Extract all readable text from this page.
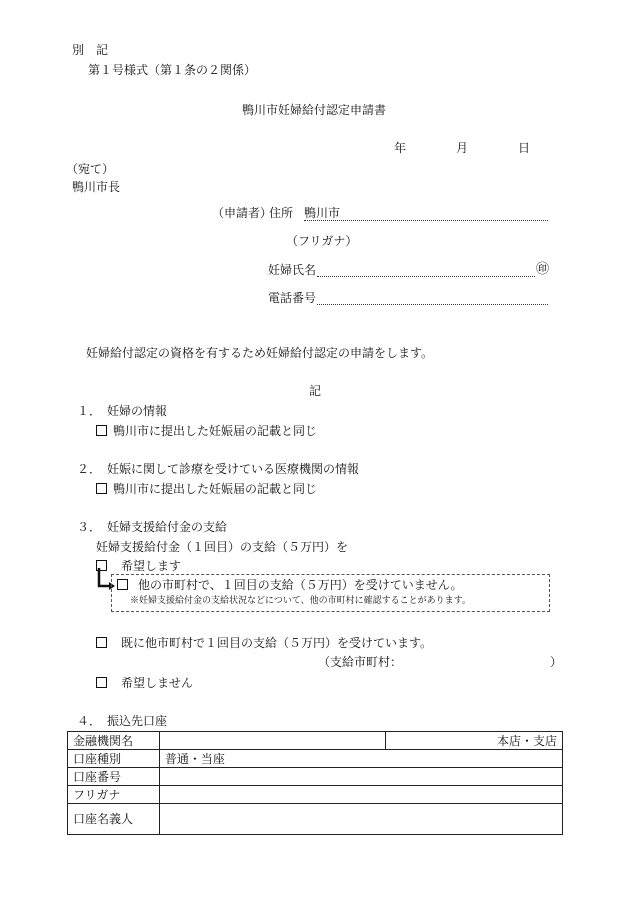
別　記
第１号様式（第１条の２関係）
鴨川市妊婦給付認定申請書
年	月	日
（宛て）
鴨川市長
（申請者）
住所 鴨川市
（フリガナ）
妊婦氏名	㊞
電話番号
妊婦給付認定の資格を有するため妊婦給付認定の申請をします。
記
１．　妊婦の情報
鴨川市に提出した妊娠届の記載と同じ
２．　妊娠に関して診療を受けている医療機関の情報
鴨川市に提出した妊娠届の記載と同じ
３．　妊婦支援給付金の支給
妊婦支援給付金（１回目）の支給（５万円）を
希望します
他の市町村で、１回目の支給（５万円）を受けていません。
※妊婦支援給付金の支給状況などについて、他の市町村に確認することがあります。
既に他市町村で１回目の支給（５万円）を受けています。
（支給市町村：	）
希望しません
４．　振込先口座
金融機関名		本店・支店
口座種別	普通・当座	
口座番号		
フリガナ		
口座名義人		
